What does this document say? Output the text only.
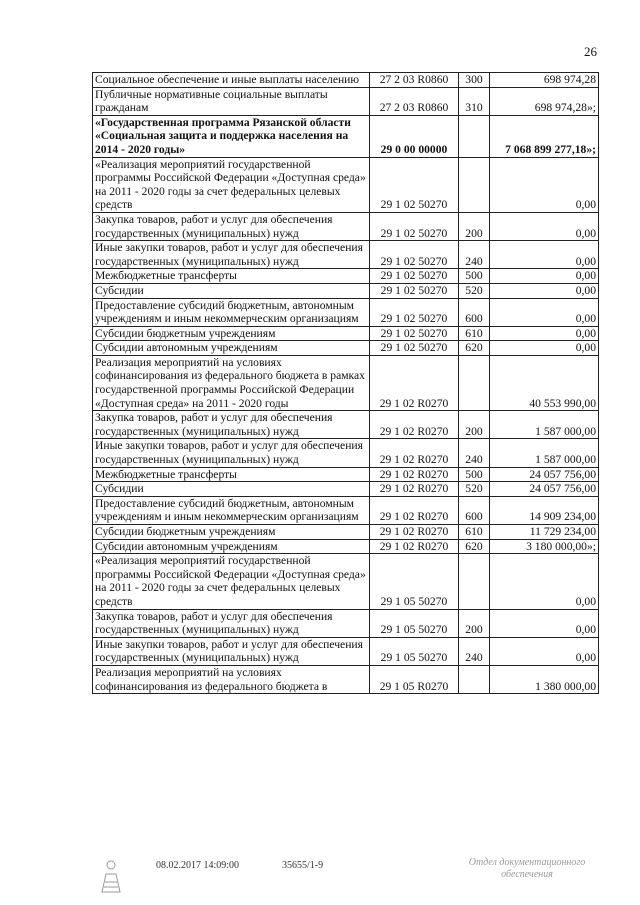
26
Социальное обеспечение и иные выплаты населению	27 2 03 R0860	300	698 974,28
Публичные нормативные социальные выплаты гражданам	27 2 03 R0860	310	698 974,28»;
«Государственная программа Рязанской области «Социальная защита и поддержка населения на 2014 - 2020 годы»	29 0 00 00000		7 068 899 277,18»;
«Реализация мероприятий государственной программы Российской Федерации «Доступная среда» на 2011 - 2020 годы за счет федеральных целевых средств	29 1 02 50270		0,00
Закупка товаров, работ и услуг для обеспечения государственных (муниципальных) нужд	29 1 02 50270	200	0,00
Иные закупки товаров, работ и услуг для обеспечения государственных (муниципальных) нужд	29 1 02 50270	240	0,00
Межбюджетные трансферты	29 1 02 50270	500	0,00
Субсидии	29 1 02 50270	520	0,00
Предоставление субсидий бюджетным, автономным учреждениям и иным некоммерческим организациям	29 1 02 50270	600	0,00
Субсидии бюджетным учреждениям	29 1 02 50270	610	0,00
Субсидии автономным учреждениям	29 1 02 50270	620	0,00
Реализация мероприятий на условиях софинансирования из федерального бюджета в рамках государственной программы Российской Федерации «Доступная среда» на 2011 - 2020 годы	29 1 02 R0270		40 553 990,00
Закупка товаров, работ и услуг для обеспечения государственных (муниципальных) нужд	29 1 02 R0270	200	1 587 000,00
Иные закупки товаров, работ и услуг для обеспечения государственных (муниципальных) нужд	29 1 02 R0270	240	1 587 000,00
Межбюджетные трансферты	29 1 02 R0270	500	24 057 756,00
Субсидии	29 1 02 R0270	520	24 057 756,00
Предоставление субсидий бюджетным, автономным учреждениям и иным некоммерческим организациям	29 1 02 R0270	600	14 909 234,00
Субсидии бюджетным учреждениям	29 1 02 R0270	610	11 729 234,00
Субсидии автономным учреждениям	29 1 02 R0270	620	3 180 000,00»;
«Реализация мероприятий государственной программы Российской Федерации «Доступная среда» на 2011 - 2020 годы за счет федеральных целевых средств	29 1 05 50270		0,00
Закупка товаров, работ и услуг для обеспечения государственных (муниципальных) нужд	29 1 05 50270	200	0,00
Иные закупки товаров, работ и услуг для обеспечения государственных (муниципальных) нужд	29 1 05 50270	240	0,00
Реализация мероприятий на условиях софинансирования из федерального бюджета в	29 1 05 R0270		1 380 000,00
08.02.2017 14:09:00	35655/1-9	Отдел документационного
обеспечения
